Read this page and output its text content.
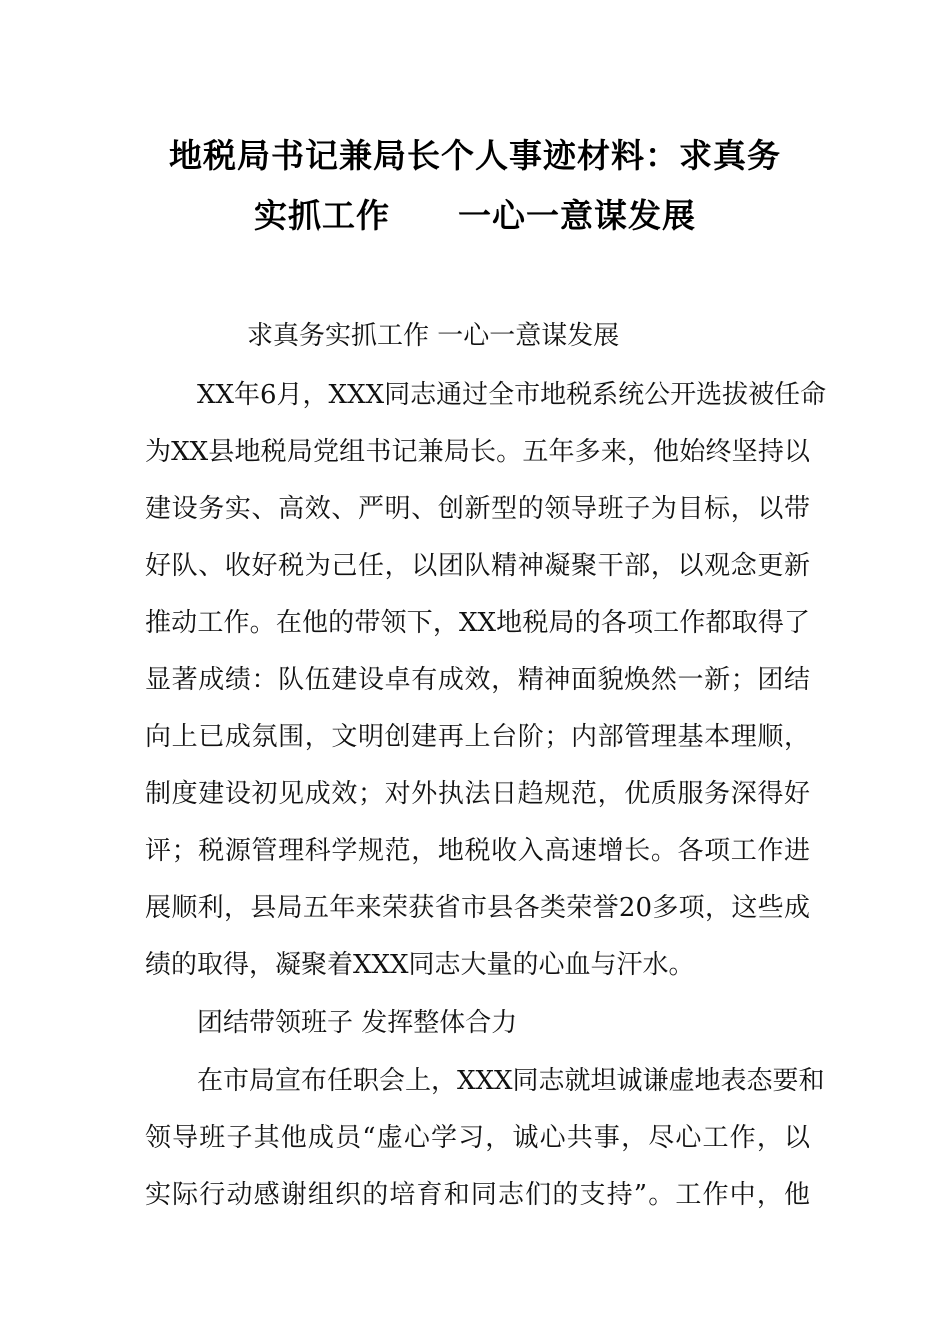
地税局书记兼局长个人事迹材料：求真务
实抓工作　　一心一意谋发展
求真务实抓工作 一心一意谋发展
XX年6月，XXX同志通过全市地税系统公开选拔被任命
为XX县地税局党组书记兼局长。五年多来，他始终坚持以
建设务实、高效、严明、创新型的领导班子为目标，以带
好队、收好税为己任，以团队精神凝聚干部，以观念更新
推动工作。在他的带领下，XX地税局的各项工作都取得了
显著成绩：队伍建设卓有成效，精神面貌焕然一新；团结
向上已成氛围，文明创建再上台阶；内部管理基本理顺，
制度建设初见成效；对外执法日趋规范，优质服务深得好
评；税源管理科学规范，地税收入高速增长。各项工作进
展顺利，县局五年来荣获省市县各类荣誉20多项，这些成
绩的取得，凝聚着XXX同志大量的心血与汗水。
团结带领班子 发挥整体合力
在市局宣布任职会上，XXX同志就坦诚谦虚地表态要和
领导班子其他成员“虚心学习，诚心共事，尽心工作，以
实际行动感谢组织的培育和同志们的支持”。工作中，他
